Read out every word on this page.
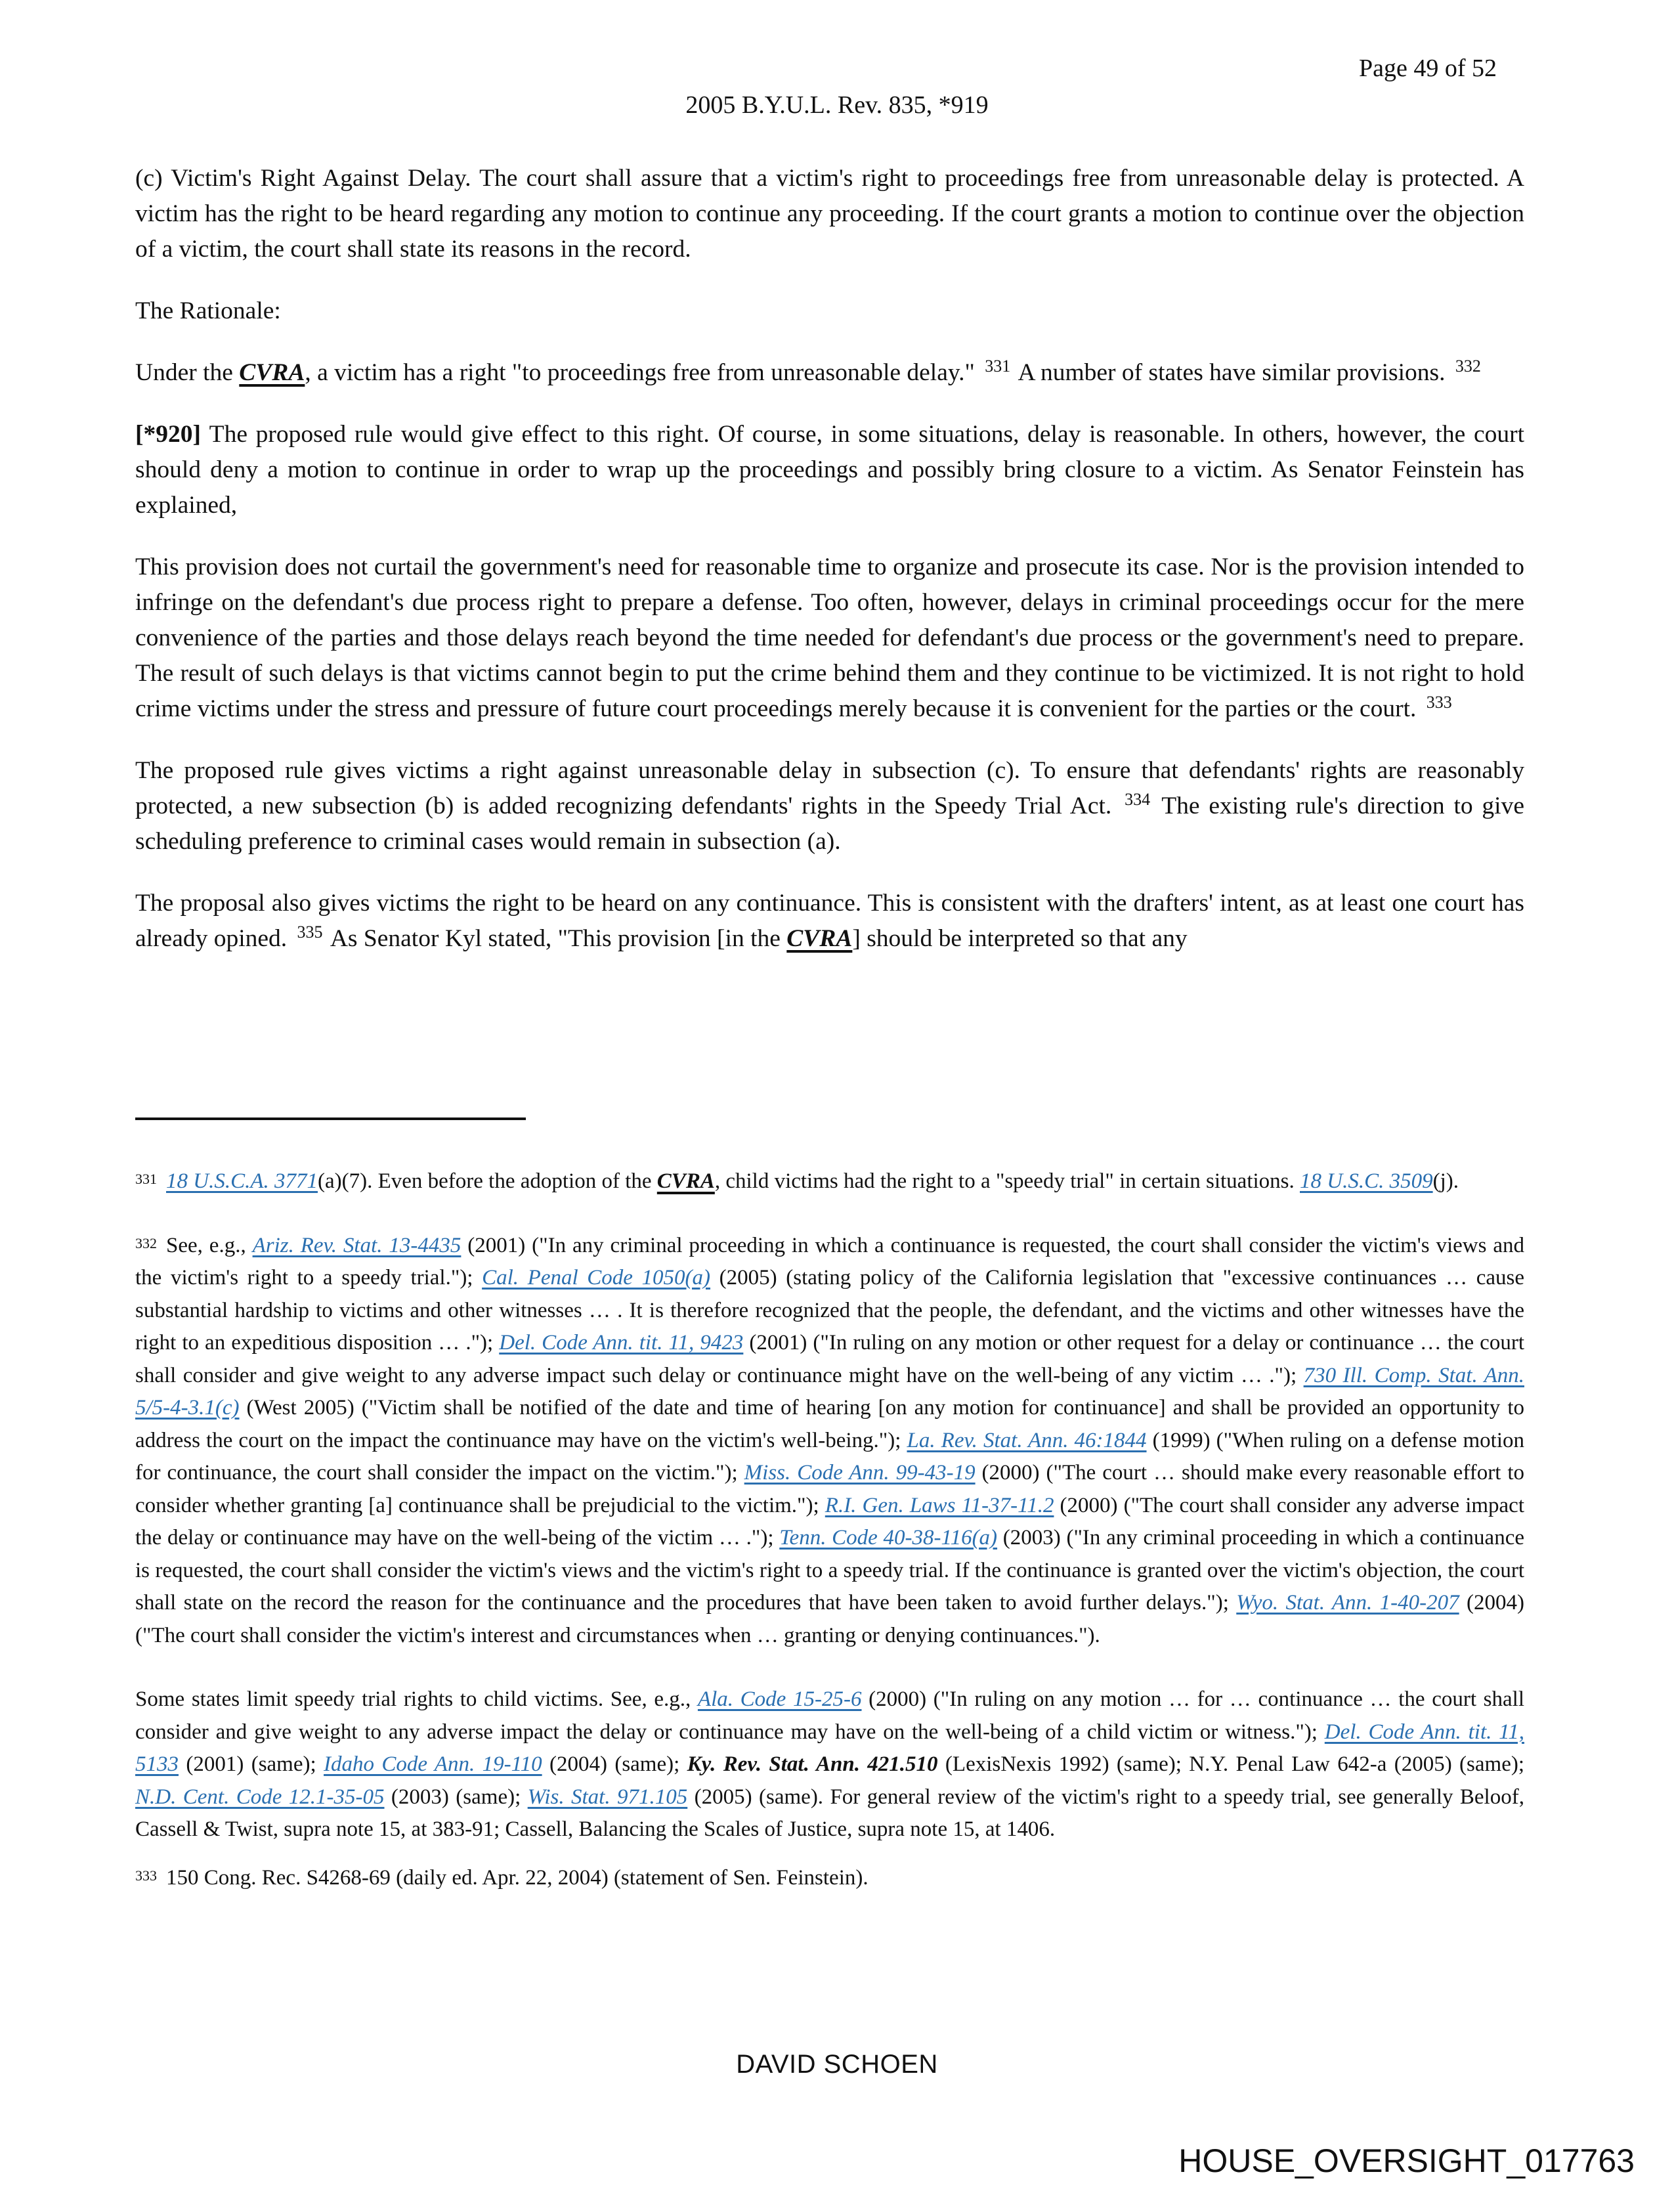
Page 49 of 52
2005 B.Y.U.L. Rev. 835, *919

(c) Victim's Right Against Delay. The court shall assure that a victim's right to proceedings free from unreasonable delay is protected. A victim has the right to be heard regarding any motion to continue any proceeding. If the court grants a motion to continue over the objection of a victim, the court shall state its reasons in the record.

The Rationale:

Under the CVRA, a victim has a right "to proceedings free from unreasonable delay." $^{331}$ A number of states have similar provisions. $^{332}$

[*920] The proposed rule would give effect to this right. Of course, in some situations, delay is reasonable. In others, however, the court should deny a motion to continue in order to wrap up the proceedings and possibly bring closure to a victim. As Senator Feinstein has explained,

This provision does not curtail the government's need for reasonable time to organize and prosecute its case. Nor is the provision intended to infringe on the defendant's due process right to prepare a defense. Too often, however, delays in criminal proceedings occur for the mere convenience of the parties and those delays reach beyond the time needed for defendant's due process or the government's need to prepare. The result of such delays is that victims cannot begin to put the crime behind them and they continue to be victimized. It is not right to hold crime victims under the stress and pressure of future court proceedings merely because it is convenient for the parties or the court. $^{333}$

The proposed rule gives victims a right against unreasonable delay in subsection (c). To ensure that defendants' rights are reasonably protected, a new subsection (b) is added recognizing defendants' rights in the Speedy Trial Act. $^{334}$ The existing rule's direction to give scheduling preference to criminal cases would remain in subsection (a).

The proposal also gives victims the right to be heard on any continuance. This is consistent with the drafters' intent, as at least one court has already opined. $^{335}$ As Senator Kyl stated, "This provision [in the CVRA] should be interpreted so that any

$^{331}$ 18 U.S.C.A. 3771(a)(7). Even before the adoption of the CVRA, child victims had the right to a "speedy trial" in certain situations. 18 U.S.C. 3509(j).

$^{332}$ See, e.g., Ariz. Rev. Stat. 13-4435 (2001) ("In any criminal proceeding in which a continuance is requested, the court shall consider the victim's views and the victim's right to a speedy trial."); Cal. Penal Code 1050(a) (2005) (stating policy of the California legislation that "excessive continuances … cause substantial hardship to victims and other witnesses … . It is therefore recognized that the people, the defendant, and the victims and other witnesses have the right to an expeditious disposition … ."); Del. Code Ann. tit. 11, 9423 (2001) ("In ruling on any motion or other request for a delay or continuance … the court shall consider and give weight to any adverse impact such delay or continuance might have on the well-being of any victim … ."); 730 Ill. Comp. Stat. Ann. 5/5-4-3.1(c) (West 2005) ("Victim shall be notified of the date and time of hearing [on any motion for continuance] and shall be provided an opportunity to address the court on the impact the continuance may have on the victim's well-being."); La. Rev. Stat. Ann. 46:1844 (1999) ("When ruling on a defense motion for continuance, the court shall consider the impact on the victim."); Miss. Code Ann. 99-43-19 (2000) ("The court … should make every reasonable effort to consider whether granting [a] continuance shall be prejudicial to the victim."); R.I. Gen. Laws 11-37-11.2 (2000) ("The court shall consider any adverse impact the delay or continuance may have on the well-being of the victim … ."); Tenn. Code 40-38-116(a) (2003) ("In any criminal proceeding in which a continuance is requested, the court shall consider the victim's views and the victim's right to a speedy trial. If the continuance is granted over the victim's objection, the court shall state on the record the reason for the continuance and the procedures that have been taken to avoid further delays."); Wyo. Stat. Ann. 1-40-207 (2004) ("The court shall consider the victim's interest and circumstances when … granting or denying continuances.").

Some states limit speedy trial rights to child victims. See, e.g., Ala. Code 15-25-6 (2000) ("In ruling on any motion … for … continuance … the court shall consider and give weight to any adverse impact the delay or continuance may have on the well-being of a child victim or witness."); Del. Code Ann. tit. 11, 5133 (2001) (same); Idaho Code Ann. 19-110 (2004) (same); Ky. Rev. Stat. Ann. 421.510 (LexisNexis 1992) (same); N.Y. Penal Law 642-a (2005) (same); N.D. Cent. Code 12.1-35-05 (2003) (same); Wis. Stat. 971.105 (2005) (same). For general review of the victim's right to a speedy trial, see generally Beloof, Cassell & Twist, supra note 15, at 383-91; Cassell, Balancing the Scales of Justice, supra note 15, at 1406.

$^{333}$ 150 Cong. Rec. S4268-69 (daily ed. Apr. 22, 2004) (statement of Sen. Feinstein).

DAVID SCHOEN
HOUSE_OVERSIGHT_017763
